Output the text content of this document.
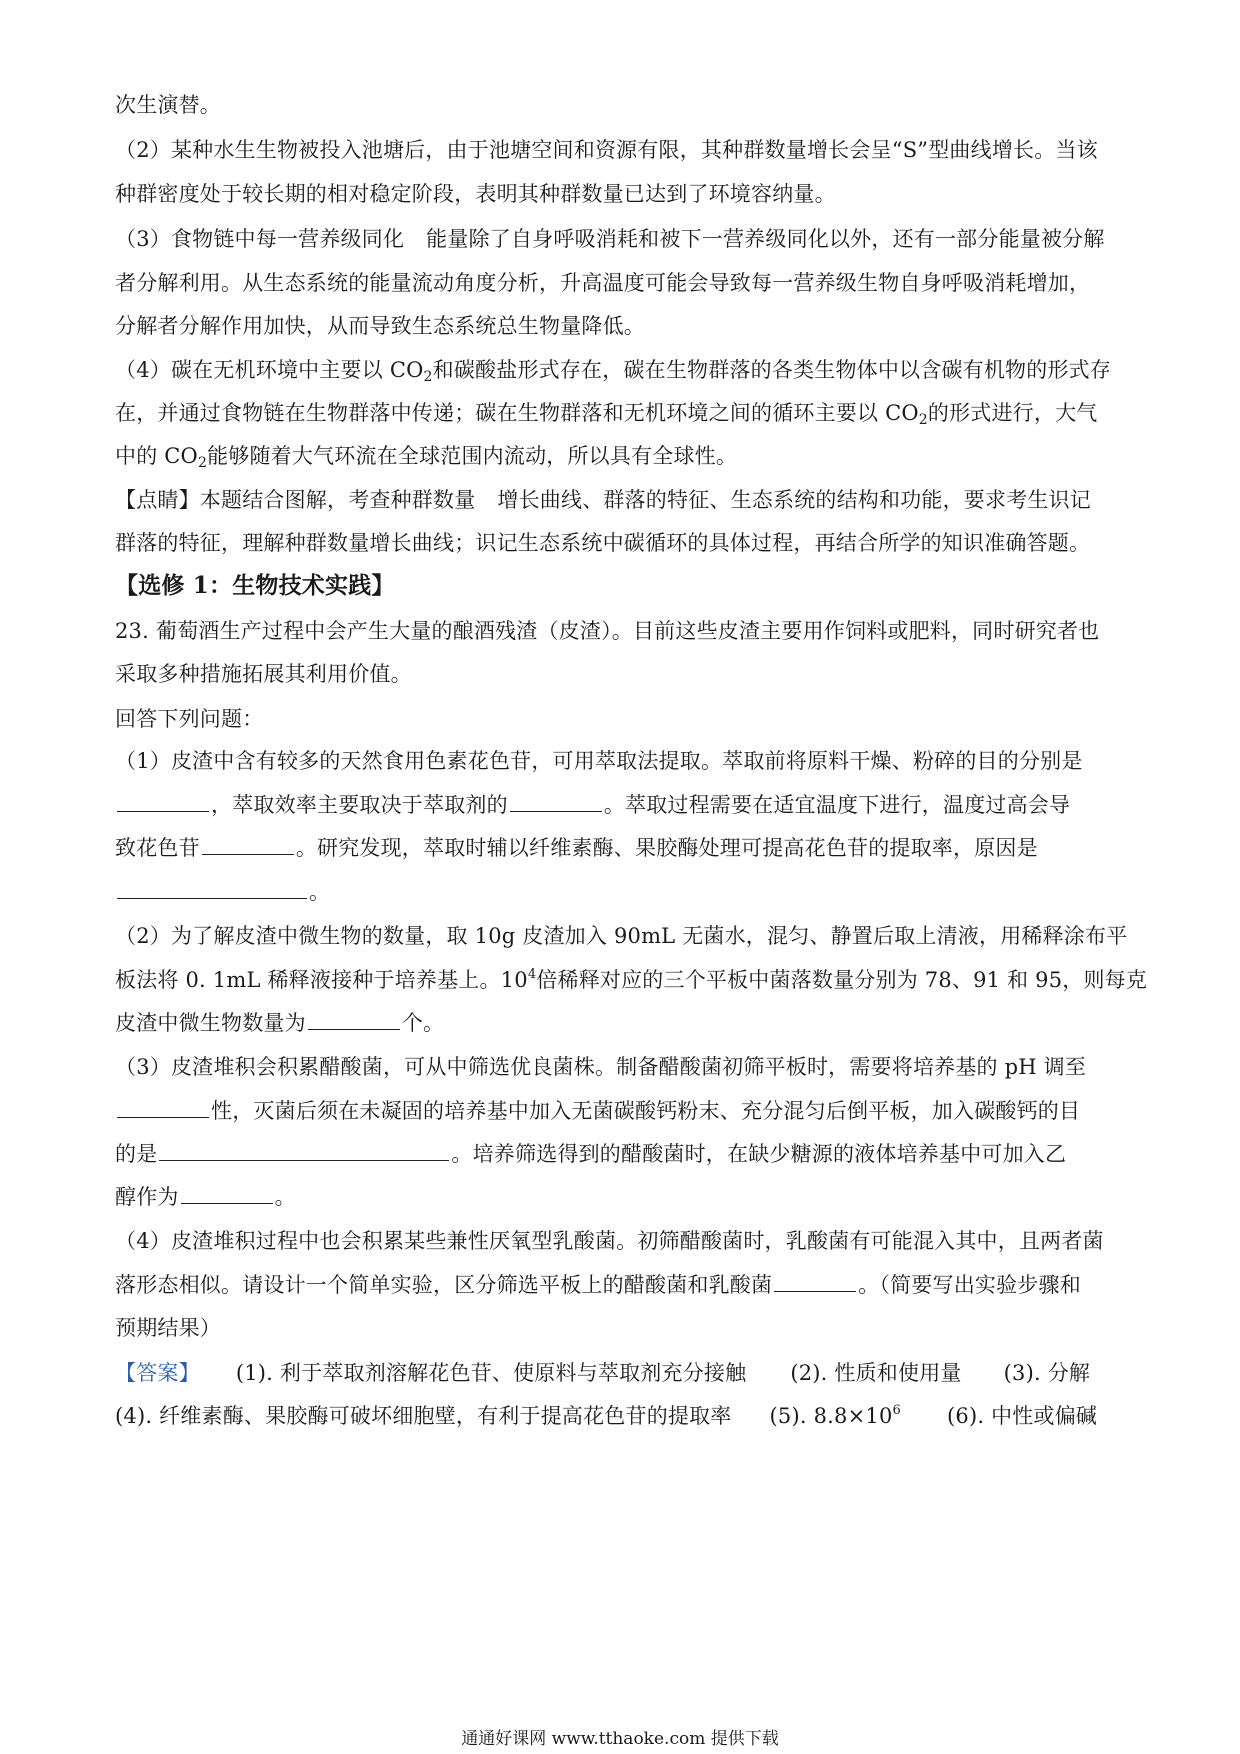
次生演替。
（2）某种水生生物被投入池塘后，由于池塘空间和资源有限，其种群数量增长会呈“S”型曲线增长。当该
种群密度处于较长期的相对稳定阶段，表明其种群数量已达到了环境容纳量。
（3）食物链中每一营养级同化 能量除了自身呼吸消耗和被下一营养级同化以外，还有一部分能量被分解
者分解利用。从生态系统的能量流动角度分析，升高温度可能会导致每一营养级生物自身呼吸消耗增加，
分解者分解作用加快，从而导致生态系统总生物量降低。
（4）碳在无机环境中主要以 $CO_2$和碳酸盐形式存在，碳在生物群落的各类生物体中以含碳有机物的形式存
在，并通过食物链在生物群落中传递；碳在生物群落和无机环境之间的循环主要以 $CO_2$的形式进行，大气
中的 $CO_2$能够随着大气环流在全球范围内流动，所以具有全球性。
【点睛】本题结合图解，考查种群数量 增长曲线、群落的特征、生态系统的结构和功能，要求考生识记
群落的特征，理解种群数量增长曲线；识记生态系统中碳循环的具体过程，再结合所学的知识准确答题。
【选修 1：生物技术实践】
23. 葡萄酒生产过程中会产生大量的酿酒残渣（皮渣）。目前这些皮渣主要用作饲料或肥料，同时研究者也
采取多种措施拓展其利用价值。
回答下列问题：
（1）皮渣中含有较多的天然食用色素花色苷，可用萃取法提取。萃取前将原料干燥、粉碎的目的分别是
，萃取效率主要取决于萃取剂的	。萃取过程需要在适宜温度下进行，温度过高会导
致花色苷	。研究发现，萃取时辅以纤维素酶、果胶酶处理可提高花色苷的提取率，原因是
。
（2）为了解皮渣中微生物的数量，取 10g 皮渣加入 90mL 无菌水，混匀、静置后取上清液，用稀释涂布平
板法将 0. 1mL 稀释液接种于培养基上。$10^4$倍稀释对应的三个平板中菌落数量分别为 78、91 和 95，则每克
皮渣中微生物数量为	个。
（3）皮渣堆积会积累醋酸菌，可从中筛选优良菌株。制备醋酸菌初筛平板时，需要将培养基的 pH 调至
性，灭菌后须在未凝固的培养基中加入无菌碳酸钙粉末、充分混匀后倒平板，加入碳酸钙的目
的是	。培养筛选得到的醋酸菌时，在缺少糖源的液体培养基中可加入乙
醇作为	。
（4）皮渣堆积过程中也会积累某些兼性厌氧型乳酸菌。初筛醋酸菌时，乳酸菌有可能混入其中，且两者菌
落形态相似。请设计一个简单实验，区分筛选平板上的醋酸菌和乳酸菌	。（简要写出实验步骤和
预期结果）
【答案】 (1). 利于萃取剂溶解花色苷、使原料与萃取剂充分接触 (2). 性质和使用量 (3). 分解
(4). 纤维素酶、果胶酶可破坏细胞壁，有利于提高花色苷的提取率 (5). $8.8\times 10^6$ (6). 中性或偏碱
通通好课网 www.tthaoke.com 提供下载
